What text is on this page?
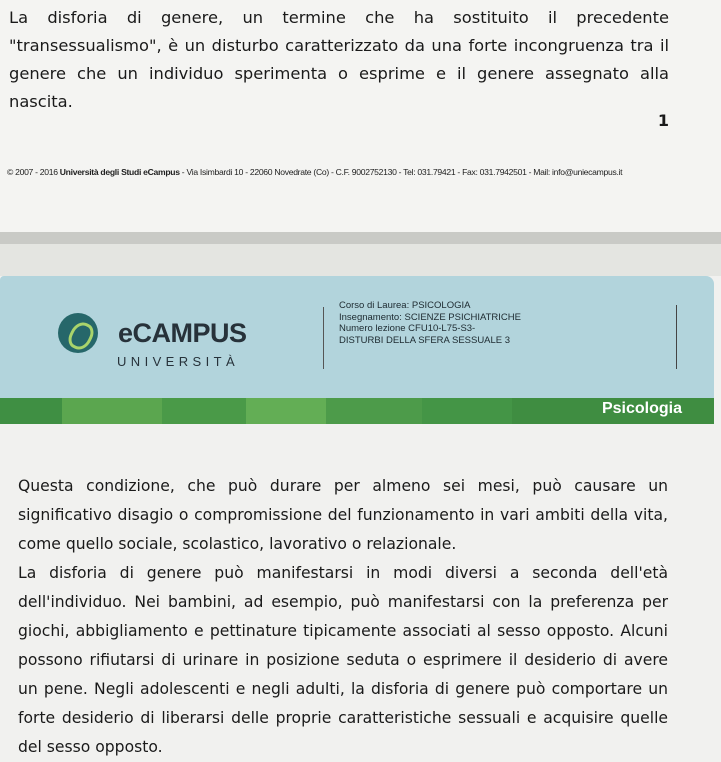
La disforia di genere, un termine che ha sostituito il precedente "transessualismo", è un disturbo caratterizzato da una forte incongruenza tra il genere che un individuo sperimenta o esprime e il genere assegnato alla nascita.
1
© 2007 - 2016 Università degli Studi eCampus - Via Isimbardi 10 - 22060 Novedrate (Co) - C.F. 9002752130 - Tel: 031.79421 - Fax: 031.7942501 - Mail: info@uniecampus.it
eCAMPUS
UNIVERSITÀ
Corso di Laurea: PSICOLOGIA
Insegnamento: SCIENZE PSICHIATRICHE
Numero lezione CFU10-L75-S3-
DISTURBI DELLA SFERA SESSUALE 3
Psicologia

Questa condizione, che può durare per almeno sei mesi, può causare un significativo disagio o compromissione del funzionamento in vari ambiti della vita, come quello sociale, scolastico, lavorativo o relazionale.

La disforia di genere può manifestarsi in modi diversi a seconda dell'età dell'individuo. Nei bambini, ad esempio, può manifestarsi con la preferenza per giochi, abbigliamento e pettinature tipicamente associati al sesso opposto. Alcuni possono rifiutarsi di urinare in posizione seduta o esprimere il desiderio di avere un pene. Negli adolescenti e negli adulti, la disforia di genere può comportare un forte desiderio di liberarsi delle proprie caratteristiche sessuali e acquisire quelle del sesso opposto.
